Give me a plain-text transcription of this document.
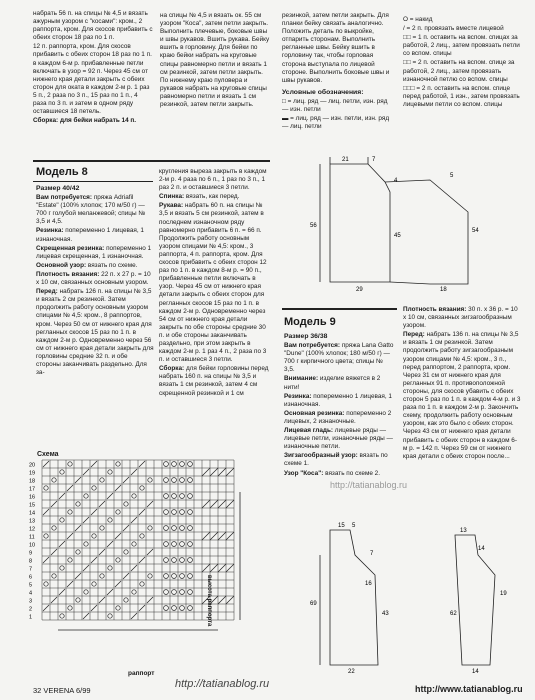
набрать 56 п. на спицы № 4,5 и вязать ажурным узором с "косами": кром., 2 раппорта, кром. Для скосов прибавить с обеих сторон 18 раз по 1 п.

12 п. раппорта, кром. Для скосов прибавить с обеих сторон 18 раз по 1 п. в каждом 6-м р. прибавленные петли включать в узор = 92 п. Через 45 см от нижнего края детали закрыть с обеих сторон для оката в каждом 2-м р. 1 раз 5 п., 2 раза по 3 п., 15 раз по 1 п., 4 раза по 3 п. и затем в одном ряду оставшиеся 18 петель.

Сборка: для бейки набрать 14 п.

на спицы № 4,5 и вязать ок. 55 см узором "Коса", затем петли закрыть. Выполнить плечевые, боковые швы и швы рукавов. Вшить рукава. Бейку вшить в горловину. Для бейки по краю бейки набрать на круговые спицы равномерно петли и вязать 1 см резинкой, затем петли закрыть. По нижнему краю пуловера и рукавов набрать на круговые спицы равномерно петли и вязать 1 см резинкой, затем петли закрыть.

резинкой, затем петли закрыть. Для планки бейку связать аналогично. Положить деталь по выкройке, отпарить сторонам. Выполнить регланные швы. Бейку вшить в горловину так, чтобы горловая сторона выступала по лицевой стороне. Выполнить боковые швы и швы рукавов.

Условные обозначения:

□ = лиц. ряд — лиц. петли, изн. ряд — изн. петли

▬ = лиц. ряд — изн. петли, изн. ряд — лиц. петли

О = накид

/ = 2 п. провязать вместе лицевой

□□ = 1 п. оставить на вспом. спицах за работой, 2 лиц., затем провязать петли со вспом. спицы

□□ = 2 п. оставить на вспом. спице за работой, 2 лиц., затем провязать изнаночной петлю со вспом. спицы

□□□ = 2 п. оставить на вспом. спице перед работой, 1 изн., затем провязать лицевыми петли со вспом. спицы

Модель 8

Размер 40/42

Вам потребуется: пряжа Adriafil "Estate" (100% хлопок; 170 м/50 г) — 700 г голубой меланжевой; спицы № 3,5 и 4,5.

Резинка: попеременно 1 лицевая, 1 изнаночная.

Скрещенная резинка: попеременно 1 лицевая скрещенная, 1 изнаночная.

Основной узор: вязать по схеме.

Плотность вязания: 22 п. x 27 р. = 10 x 10 см, связанных основным узором.

Перед: набрать 126 п. на спицы № 3,5 и вязать 2 см резинкой. Затем продолжить работу основным узором спицами № 4,5: кром., 8 раппортов, кром. Через 50 см от нижнего края для регланных скосов 15 раз по 1 п. в каждом 2-м р. Одновременно через 56 см от нижнего края детали закрыть для горловины средние 32 п. и обе стороны заканчивать раздельно. Для за-

кругления выреза закрыть в каждом 2-м р. 4 раза по 6 п., 1 раз по 3 п., 1 раз 2 п. и оставшиеся 3 петли.

Спинка: вязать, как перед.

Рукава: набрать 60 п. на спицы № 3,5 и вязать 5 см резинкой, затем в последнем изнаночном ряду равномерно прибавить 6 п. = 66 п. Продолжить работу основным узором спицами № 4,5: кром., 3 раппорта, 4 п. раппорта, кром. Для скосов прибавить с обеих сторон 12 раз по 1 п. в каждом 8-м р. = 90 п., прибавленные петли включать в узор. Через 45 см от нижнего края детали закрыть с обеих сторон для регланных скосов 15 раз по 1 п. в каждом 2-м р. Одновременно через 54 см от нижнего края детали закрыть по обе стороны средние 30 п. и обе стороны заканчивать раздельно, при этом закрыть в каждом 2-м р. 1 раз 4 п., 2 раза по 3 п. и оставшиеся 3 петли.

Сборка: для бейки горловины перед набрать 160 п. на спицы № 3,5 и вязать 1 см резинкой, затем 4 см скрещенной резинкой и 1 см

21	7
56
54
45
29	18
5
4
Модель 9

Размер 36/38

Вам потребуется: пряжа Lana Gatto "Dune" (100% хлопок; 180 м/50 г) — 700 г кирпичного цвета; спицы № 3,5.

Внимание: изделие вяжется в 2 нити!

Резинка: попеременно 1 лицевая, 1 изнаночная.

Основная резинка: попеременно 2 лицевых, 2 изнаночные.

Лицевая гладь: лицевые ряды — лицевые петли, изнаночные ряды — изнаночные петли.

Зигзагообразный узор: вязать по схеме 1.

Узор "Коса": вязать по схеме 2.

Плотность вязания: 30 п. x 36 р. = 10 x 10 см, связанных зигзагообразным узором.

Перед: набрать 136 п. на спицы № 3,5 и вязать 1 см резинкой. Затем продолжить работу зигзагообразным узором спицами № 4,5: кром., 3 п., перед раппортом, 2 раппорта, кром. Через 31 см от нижнего края для регланных 91 п. противоположной стороны, для скосов убавить с обеих сторон 5 раз по 1 п. в каждом 4-м р. и 3 раза по 1 п. в каждом 2-м р. Закончить схему, продолжить работу основным узором, как это было с обеих сторон. Через 43 см от нижнего края детали прибавить с обеих сторон в каждом 6-м р. = 142 п. Через 59 см от нижнего края детали с обеих сторон после...

Схема
20
19
18
17
16
15
14
13
12
11
10
9
8
7
6
5
4
3
2
1
раппорт
высота раппорта
15 5
7
69
16
22
43
13
14
19
62
14
http://tatianablog.ru
http://tatianablog.ru
32 VERENA 6/99	http://www.tatianablog.ru
